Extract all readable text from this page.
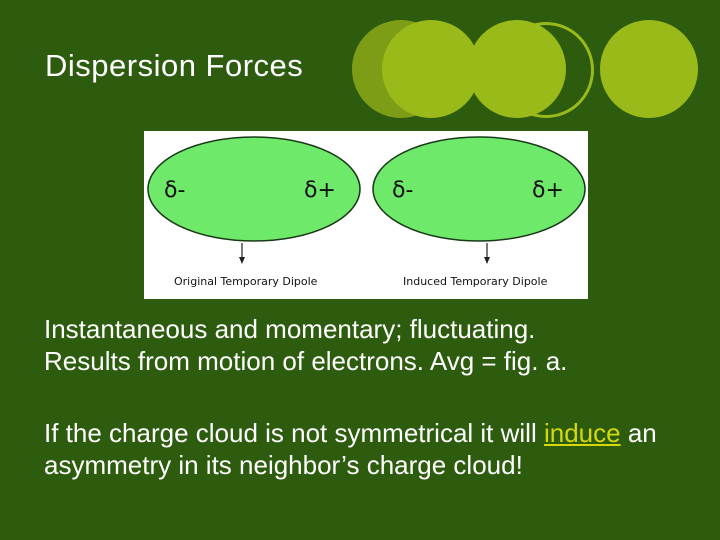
Dispersion Forces
δ-	δ+	δ-	δ+
Original Temporary Dipole	Induced Temporary Dipole

Instantaneous and momentary; fluctuating.
Results from motion of electrons. Avg = fig. a.

If the charge cloud is not symmetrical it will induce an asymmetry in its neighbor’s charge cloud!
